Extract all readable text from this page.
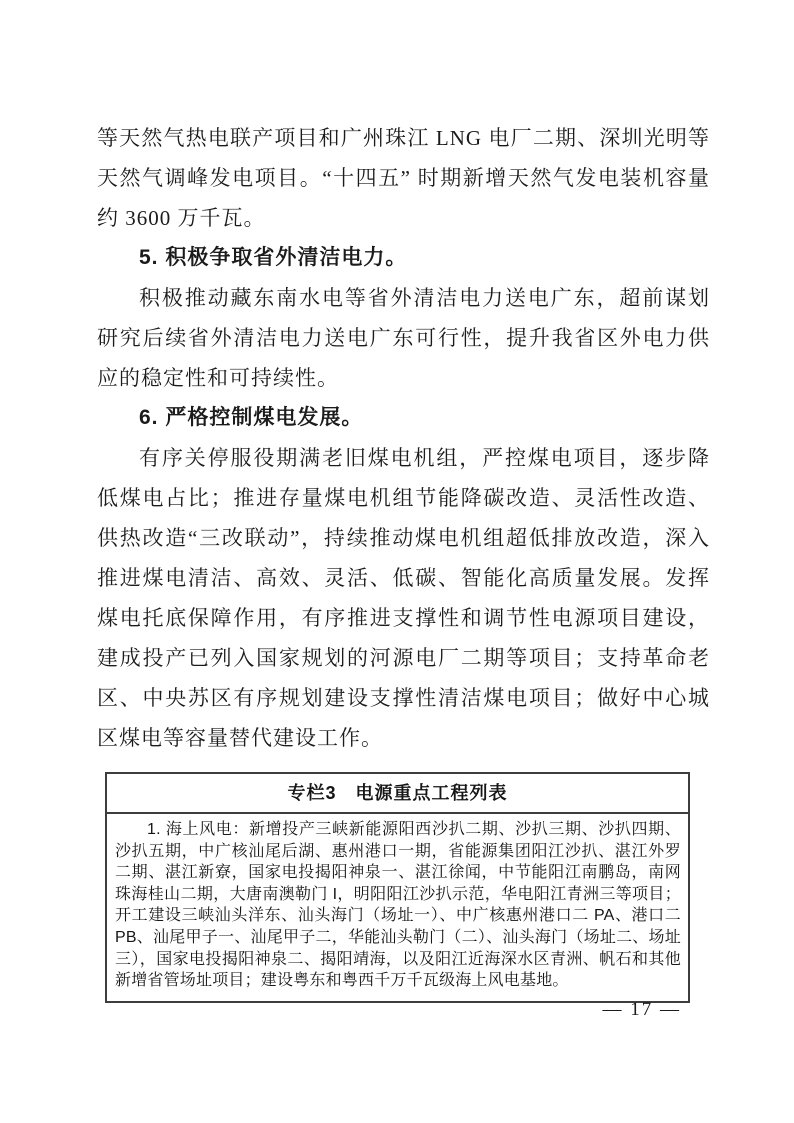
等天然气热电联产项目和广州珠江 LNG 电厂二期、深圳光明等天然气调峰发电项目。“十四五” 时期新增天然气发电装机容量约 3600 万千瓦。

5. 积极争取省外清洁电力。

积极推动藏东南水电等省外清洁电力送电广东，超前谋划研究后续省外清洁电力送电广东可行性，提升我省区外电力供应的稳定性和可持续性。

6. 严格控制煤电发展。

有序关停服役期满老旧煤电机组，严控煤电项目，逐步降低煤电占比；推进存量煤电机组节能降碳改造、灵活性改造、供热改造“三改联动”，持续推动煤电机组超低排放改造，深入推进煤电清洁、高效、灵活、低碳、智能化高质量发展。发挥煤电托底保障作用，有序推进支撑性和调节性电源项目建设，建成投产已列入国家规划的河源电厂二期等项目；支持革命老区、中央苏区有序规划建设支撑性清洁煤电项目；做好中心城区煤电等容量替代建设工作。

专栏3　电源重点工程列表
1. 海上风电：新增投产三峡新能源阳西沙扒二期、沙扒三期、沙扒四期、沙扒五期，中广核汕尾后湖、惠州港口一期，省能源集团阳江沙扒、湛江外罗二期、湛江新寮，国家电投揭阳神泉一、湛江徐闻，中节能阳江南鹏岛，南网珠海桂山二期，大唐南澳勒门 I，明阳阳江沙扒示范，华电阳江青洲三等项目；开工建设三峡汕头洋东、汕头海门（场址一）、中广核惠州港口二 PA、港口二 PB、汕尾甲子一、汕尾甲子二，华能汕头勒门（二）、汕头海门（场址二、场址三），国家电投揭阳神泉二、揭阳靖海，以及阳江近海深水区青洲、帆石和其他新增省管场址项目；建设粤东和粤西千万千瓦级海上风电基地。
— 17 —
